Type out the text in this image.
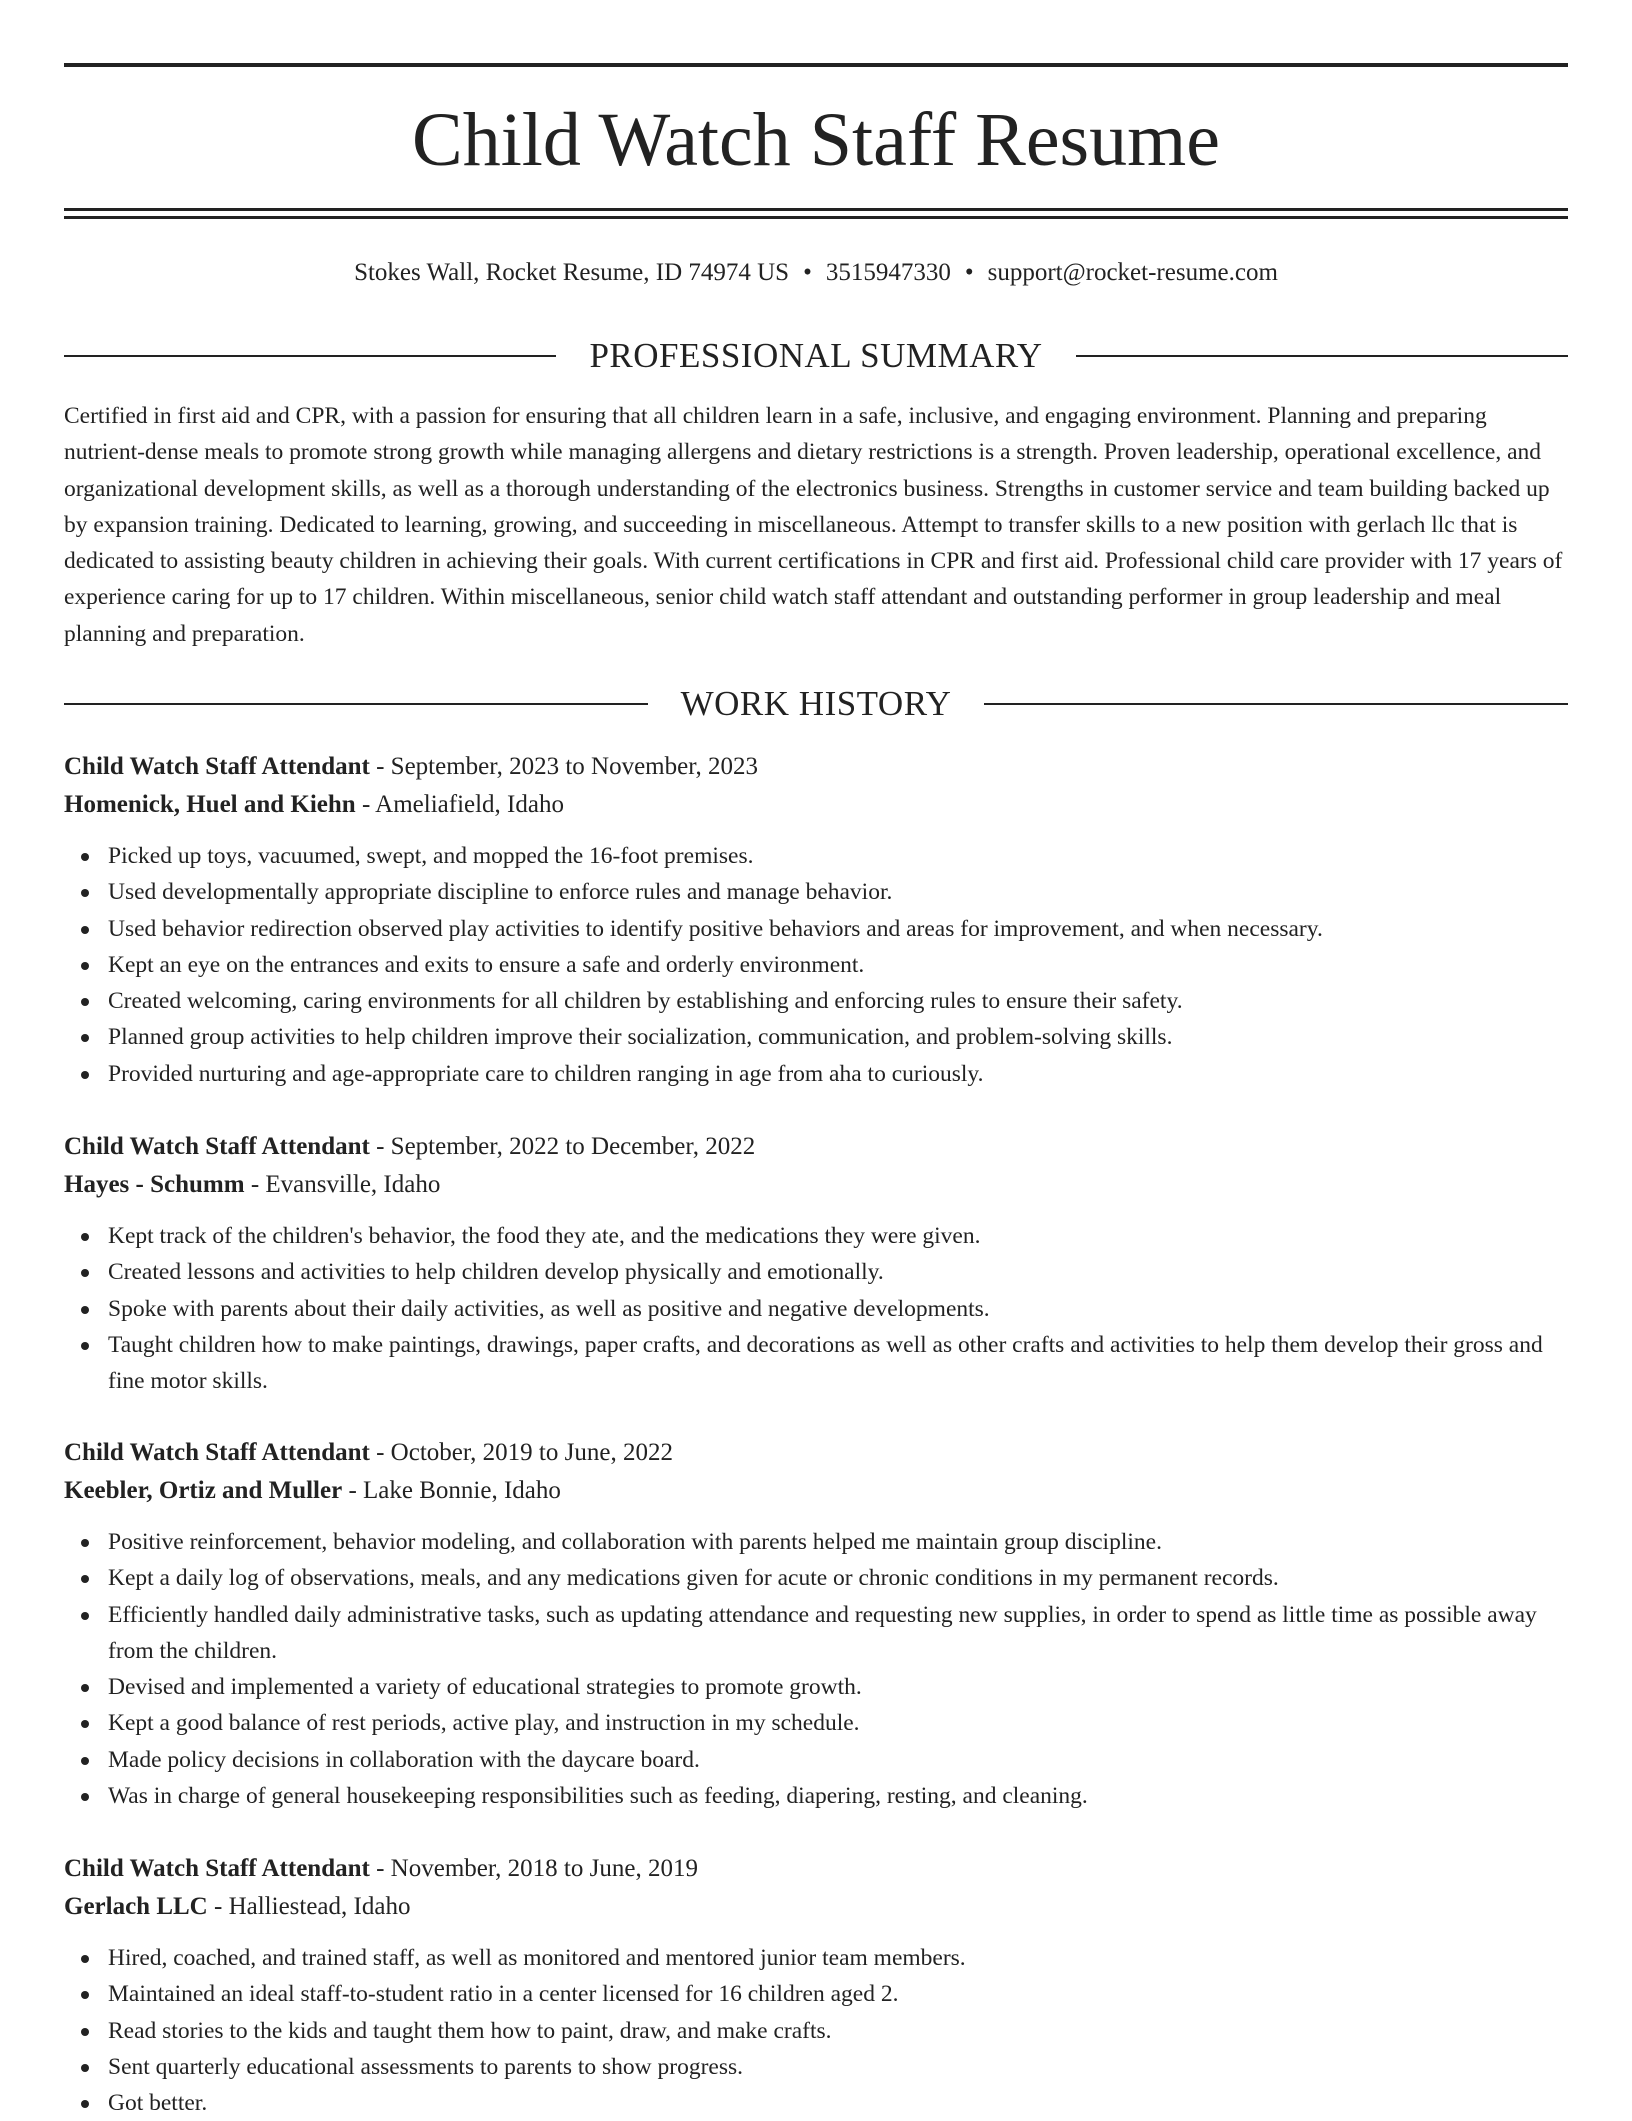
Child Watch Staff Resume
Stokes Wall, Rocket Resume, ID 74974 US • 3515947330 • support@rocket-resume.com
PROFESSIONAL SUMMARY

Certified in first aid and CPR, with a passion for ensuring that all children learn in a safe, inclusive, and engaging environment. Planning and preparing nutrient-dense meals to promote strong growth while managing allergens and dietary restrictions is a strength. Proven leadership, operational excellence, and organizational development skills, as well as a thorough understanding of the electronics business. Strengths in customer service and team building backed up by expansion training. Dedicated to learning, growing, and succeeding in miscellaneous. Attempt to transfer skills to a new position with gerlach llc that is dedicated to assisting beauty children in achieving their goals. With current certifications in CPR and first aid. Professional child care provider with 17 years of experience caring for up to 17 children. Within miscellaneous, senior child watch staff attendant and outstanding performer in group leadership and meal planning and preparation.

WORK HISTORY
Child Watch Staff Attendant - September, 2023 to November, 2023
Homenick, Huel and Kiehn - Ameliafield, Idaho
Picked up toys, vacuumed, swept, and mopped the 16-foot premises.
Used developmentally appropriate discipline to enforce rules and manage behavior.
Used behavior redirection observed play activities to identify positive behaviors and areas for improvement, and when necessary.
Kept an eye on the entrances and exits to ensure a safe and orderly environment.
Created welcoming, caring environments for all children by establishing and enforcing rules to ensure their safety.
Planned group activities to help children improve their socialization, communication, and problem-solving skills.
Provided nurturing and age-appropriate care to children ranging in age from aha to curiously.
Child Watch Staff Attendant - September, 2022 to December, 2022
Hayes - Schumm - Evansville, Idaho
Kept track of the children's behavior, the food they ate, and the medications they were given.
Created lessons and activities to help children develop physically and emotionally.
Spoke with parents about their daily activities, as well as positive and negative developments.
Taught children how to make paintings, drawings, paper crafts, and decorations as well as other crafts and activities to help them develop their gross and fine motor skills.
Child Watch Staff Attendant - October, 2019 to June, 2022
Keebler, Ortiz and Muller - Lake Bonnie, Idaho
Positive reinforcement, behavior modeling, and collaboration with parents helped me maintain group discipline.
Kept a daily log of observations, meals, and any medications given for acute or chronic conditions in my permanent records.
Efficiently handled daily administrative tasks, such as updating attendance and requesting new supplies, in order to spend as little time as possible away from the children.
Devised and implemented a variety of educational strategies to promote growth.
Kept a good balance of rest periods, active play, and instruction in my schedule.
Made policy decisions in collaboration with the daycare board.
Was in charge of general housekeeping responsibilities such as feeding, diapering, resting, and cleaning.
Child Watch Staff Attendant - November, 2018 to June, 2019
Gerlach LLC - Halliestead, Idaho
Hired, coached, and trained staff, as well as monitored and mentored junior team members.
Maintained an ideal staff-to-student ratio in a center licensed for 16 children aged 2.
Read stories to the kids and taught them how to paint, draw, and make crafts.
Sent quarterly educational assessments to parents to show progress.
Got better.
